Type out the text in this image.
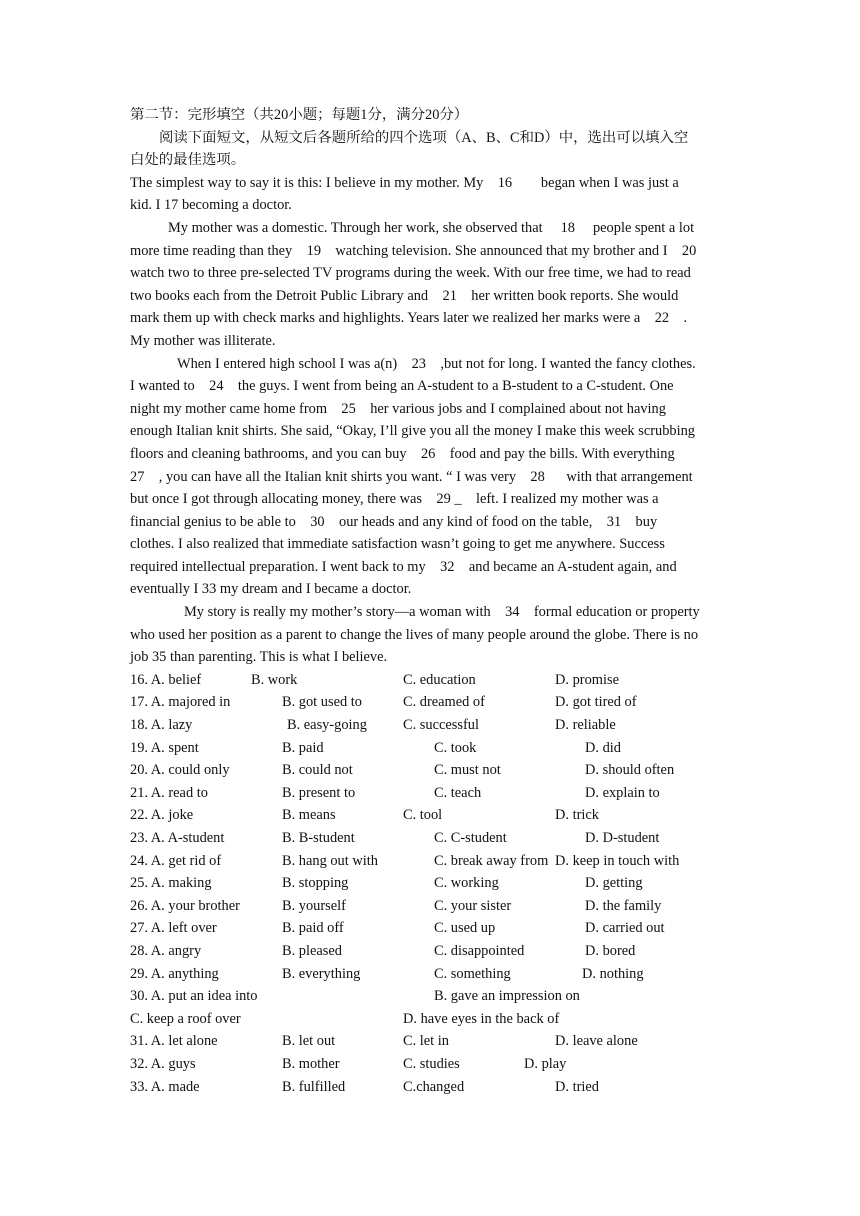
第二节：完形填空（共20小题；每题1分，满分20分）
阅读下面短文，从短文后各题所给的四个选项（A、B、C和D）中，选出可以填入空
白处的最佳选项。
The simplest way to say it is this: I believe in my mother. My    16        began when I was just a
kid. I 17 becoming a doctor.
My mother was a domestic. Through her work, she observed that     18     people spent a lot
more time reading than they    19    watching television. She announced that my brother and I    20
watch two to three pre-selected TV programs during the week. With our free time, we had to read
two books each from the Detroit Public Library and    21    her written book reports. She would
mark them up with check marks and highlights. Years later we realized her marks were a    22    .
My mother was illiterate.
When I entered high school I was a(n)    23    ,but not for long. I wanted the fancy clothes.
I wanted to    24    the guys. I went from being an A-student to a B-student to a C-student. One
night my mother came home from    25    her various jobs and I complained about not having
enough Italian knit shirts. She said, “Okay, I’ll give you all the money I make this week scrubbing
floors and cleaning bathrooms, and you can buy    26    food and pay the bills. With everything
27    , you can have all the Italian knit shirts you want. “ I was very    28      with that arrangement
but once I got through allocating money, there was    29 _    left. I realized my mother was a
financial genius to be able to    30    our heads and any kind of food on the table,    31    buy
clothes. I also realized that immediate satisfaction wasn’t going to get me anywhere. Success
required intellectual preparation. I went back to my    32    and became an A-student again, and
eventually I 33 my dream and I became a doctor.
My story is really my mother’s story—a woman with    34    formal education or property
who used her position as a parent to change the lives of many people around the globe. There is no
job 35 than parenting. This is what I believe.
16. A. belief	B. work	C. education	D. promise
17. A. majored in	B. got used to	C. dreamed of	D. got tired of
18. A. lazy	B. easy-going	C. successful	D. reliable
19. A. spent	B. paid	C. took	D. did
20. A. could only	B. could not	C. must not	D. should often
21. A. read to	B. present to	C. teach	D. explain to
22. A. joke	B. means	C. tool	D. trick
23. A. A-student	B. B-student	C. C-student	D. D-student
24. A. get rid of	B. hang out with	C. break away from D. keep in touch with
25. A. making	B. stopping	C. working	D. getting
26. A. your brother	B. yourself	C. your sister	D. the family
27. A. left over	B. paid off	C. used up	D. carried out
28. A. angry	B. pleased	C. disappointed	D. bored
29. A. anything	B. everything	C. something	D. nothing
30. A. put an idea into	B. gave an impression on
C. keep a roof over	D. have eyes in the back of
31. A. let alone	B. let out	C. let in	D. leave alone
32. A. guys	B. mother	C. studies	D. play
33. A. made	B. fulfilled	C.changed	D. tried
